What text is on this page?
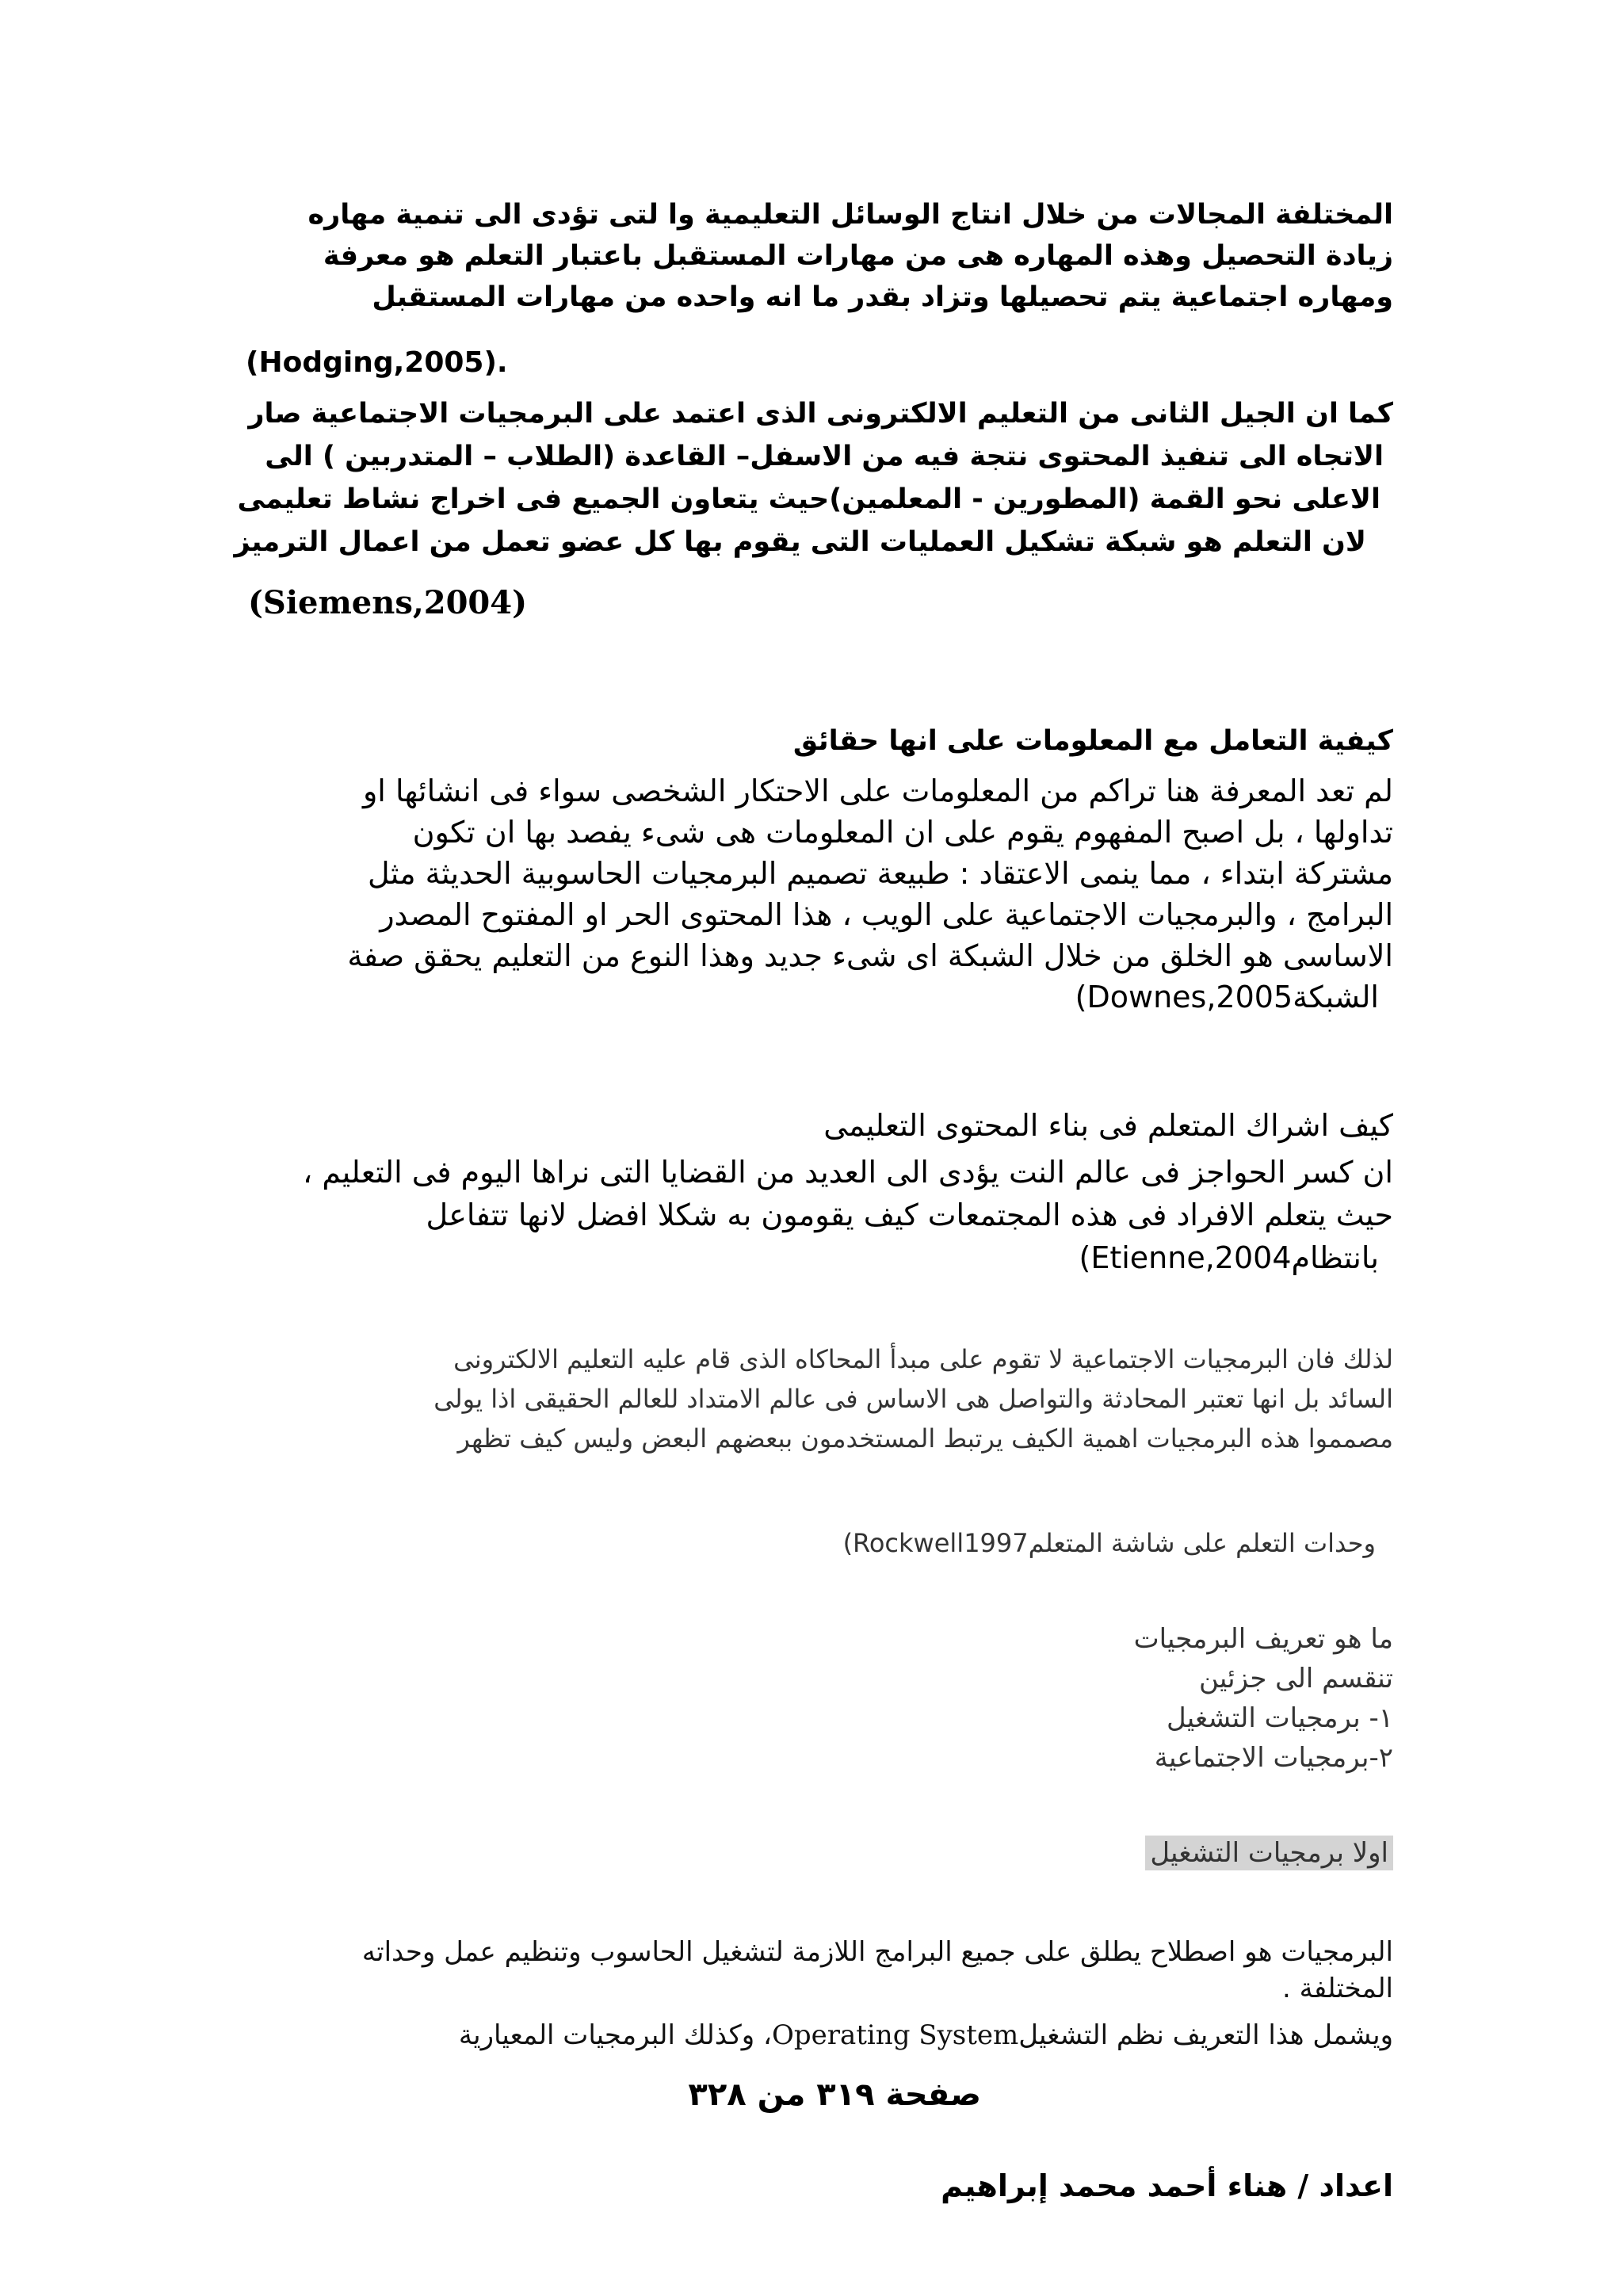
المختلفة المجالات من خلال انتاج الوسائل التعليمية وا لتى تؤدى الى تنمية مهاره
زيادة التحصيل وهذه المهاره هى من مهارات المستقبل باعتبار التعلم هو معرفة
ومهاره اجتماعية يتم تحصيلها وتزاد بقدر ما انه واحده من مهارات المستقبل
(Hodging,2005).
كما ان الجيل الثانى من التعليم الالكترونى الذى اعتمد على البرمجيات الاجتماعية صار
الاتجاه الى تنفيذ المحتوى نتجة فيه من الاسفل– القاعدة (الطلاب – المتدربين ) الى
الاعلى نحو القمة (المطورين - المعلمين)حيث يتعاون الجميع فى اخراج نشاط تعليمى
لان التعلم هو شبكة تشكيل العمليات التى يقوم بها كل عضو تعمل من اعمال الترميز
(Siemens,2004)
كيفية التعامل مع المعلومات على انها حقائق
لم تعد المعرفة هنا تراكم من المعلومات على الاحتكار الشخصى سواء فى انشائها او
تداولها ، بل اصبح المفهوم يقوم على ان المعلومات هى شىء يفصد بها ان تكون
مشتركة ابتداء ، مما ينمى الاعتقاد : طبيعة تصميم البرمجيات الحاسوبية الحديثة مثل
البرامج ، والبرمجيات الاجتماعية على الويب ، هذا المحتوى الحر او المفتوح المصدر
الاساسى هو الخلق من خلال الشبكة اى شىء جديد وهذا النوع من التعليم يحقق صفة
الشبكة(Downes,2005
كيف اشراك المتعلم فى بناء المحتوى التعليمى
ان كسر الحواجز فى عالم النت يؤدى الى العديد من القضايا التى نراها اليوم فى التعليم ،
حيث يتعلم الافراد فى هذه المجتمعات كيف يقومون به شكلا افضل لانها تتفاعل
بانتظام(Etienne,2004
لذلك فان البرمجيات الاجتماعية لا تقوم على مبدأ المحاكاه الذى قام عليه التعليم الالكترونى
السائد بل انها تعتبر المحادثة والتواصل هى الاساس فى عالم الامتداد للعالم الحقيقى اذا يولى
مصمموا هذه البرمجيات اهمية الكيف يرتبط المستخدمون ببعضهم البعض وليس كيف تظهر
وحدات التعلم على شاشة المتعلم(Rockwell1997
ما هو تعريف البرمجيات
تنقسم الى جزئين
١- برمجيات التشغيل
٢-برمجيات الاجتماعية
اولا برمجيات التشغيل
البرمجيات هو اصطلاح يطلق على جميع البرامج اللازمة لتشغيل الحاسوب وتنظيم عمل وحداته
المختلفة .
ويشمل هذا التعريف نظم التشغيلOperating System، وكذلك البرمجيات المعيارية
صفحة ٣١٩ من ٣٢٨
اعداد / هناء أحمد محمد إبراهيم
